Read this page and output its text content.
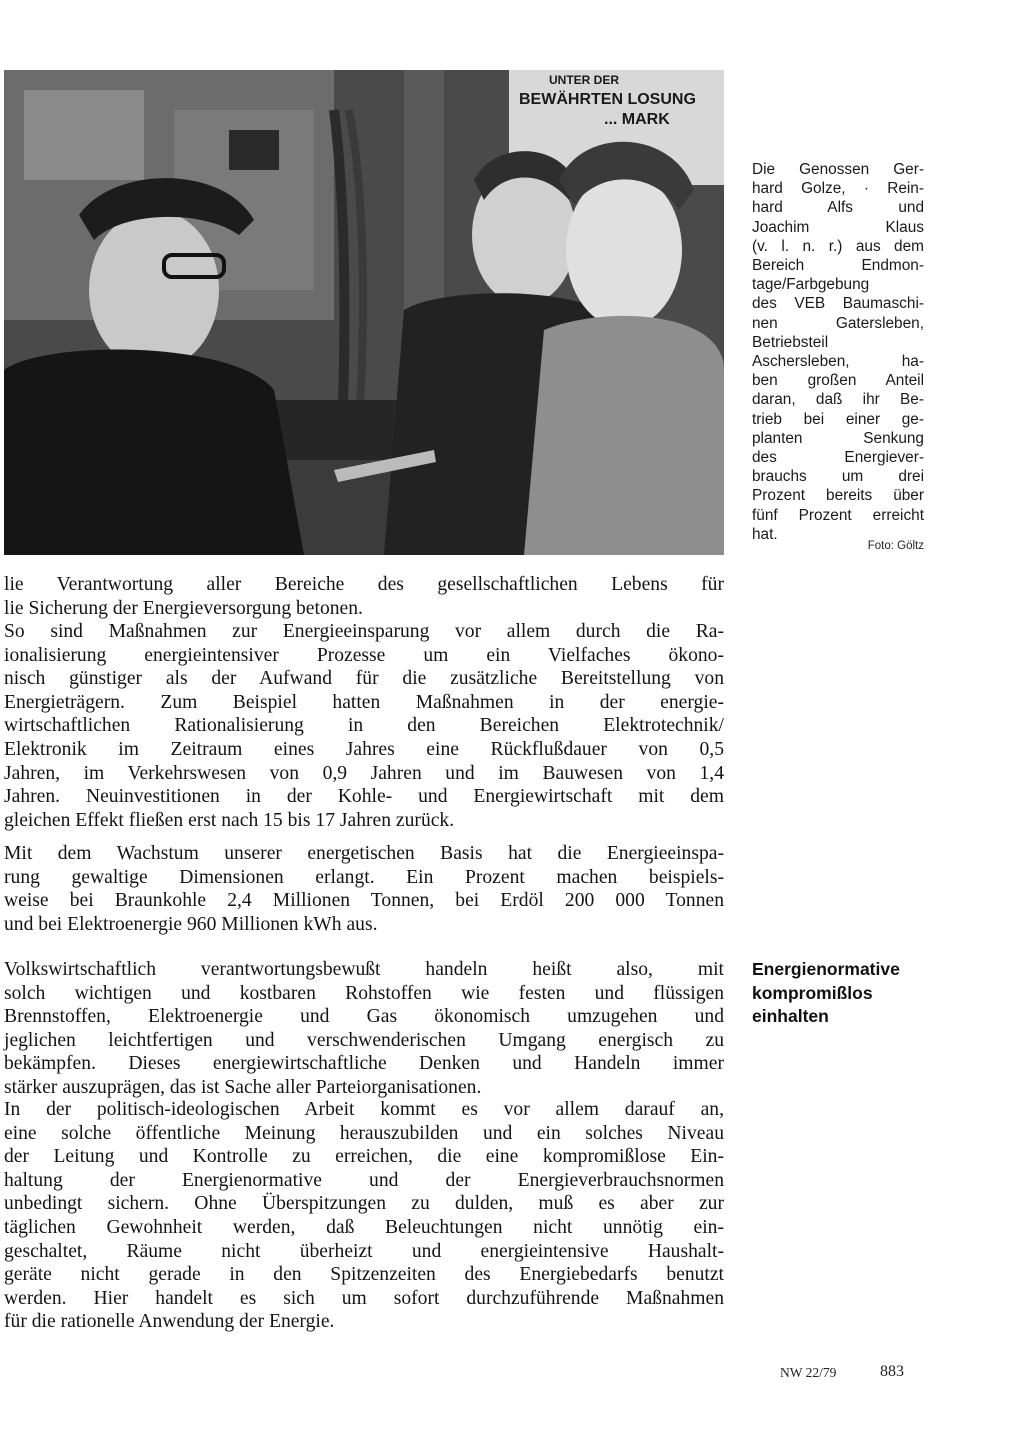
UNTER DER
BEWÄHRTEN LOSUNG
... MARK
Die Genossen Ger-
hard Golze, · Rein-
hard Alfs und
Joachim Klaus
(v. l. n. r.) aus dem
Bereich Endmon-
tage/Farbgebung
des VEB Baumaschi-
nen Gatersleben,
Betriebsteil
Aschersleben, ha-
ben großen Anteil
daran, daß ihr Be-
trieb bei einer ge-
planten Senkung
des Energiever-
brauchs um drei
Prozent bereits über
fünf Prozent erreicht
hat.
Foto: Göltz
lie Verantwortung aller Bereiche des gesellschaftlichen Lebens für
lie Sicherung der Energieversorgung betonen.
So sind Maßnahmen zur Energieeinsparung vor allem durch die Ra-
ionalisierung energieintensiver Prozesse um ein Vielfaches ökono-
nisch günstiger als der Aufwand für die zusätzliche Bereitstellung von
Energieträgern. Zum Beispiel hatten Maßnahmen in der energie-
wirtschaftlichen Rationalisierung in den Bereichen Elektrotechnik/
Elektronik im Zeitraum eines Jahres eine Rückflußdauer von 0,5
Jahren, im Verkehrswesen von 0,9 Jahren und im Bauwesen von 1,4
Jahren. Neuinvestitionen in der Kohle- und Energiewirtschaft mit dem
gleichen Effekt fließen erst nach 15 bis 17 Jahren zurück.
Mit dem Wachstum unserer energetischen Basis hat die Energieeinspa-
rung gewaltige Dimensionen erlangt. Ein Prozent machen beispiels-
weise bei Braunkohle 2,4 Millionen Tonnen, bei Erdöl 200 000 Tonnen
und bei Elektroenergie 960 Millionen kWh aus.
Energienormative
kompromißlos
einhalten
Volkswirtschaftlich verantwortungsbewußt handeln heißt also, mit
solch wichtigen und kostbaren Rohstoffen wie festen und flüssigen
Brennstoffen, Elektroenergie und Gas ökonomisch umzugehen und
jeglichen leichtfertigen und verschwenderischen Umgang energisch zu
bekämpfen. Dieses energiewirtschaftliche Denken und Handeln immer
stärker auszuprägen, das ist Sache aller Parteiorganisationen.
In der politisch-ideologischen Arbeit kommt es vor allem darauf an,
eine solche öffentliche Meinung herauszubilden und ein solches Niveau
der Leitung und Kontrolle zu erreichen, die eine kompromißlose Ein-
haltung der Energienormative und der Energieverbrauchsnormen
unbedingt sichern. Ohne Überspitzungen zu dulden, muß es aber zur
täglichen Gewohnheit werden, daß Beleuchtungen nicht unnötig ein-
geschaltet, Räume nicht überheizt und energieintensive Haushalt-
geräte nicht gerade in den Spitzenzeiten des Energiebedarfs benutzt
werden. Hier handelt es sich um sofort durchzuführende Maßnahmen
für die rationelle Anwendung der Energie.
NW 22/79	883
